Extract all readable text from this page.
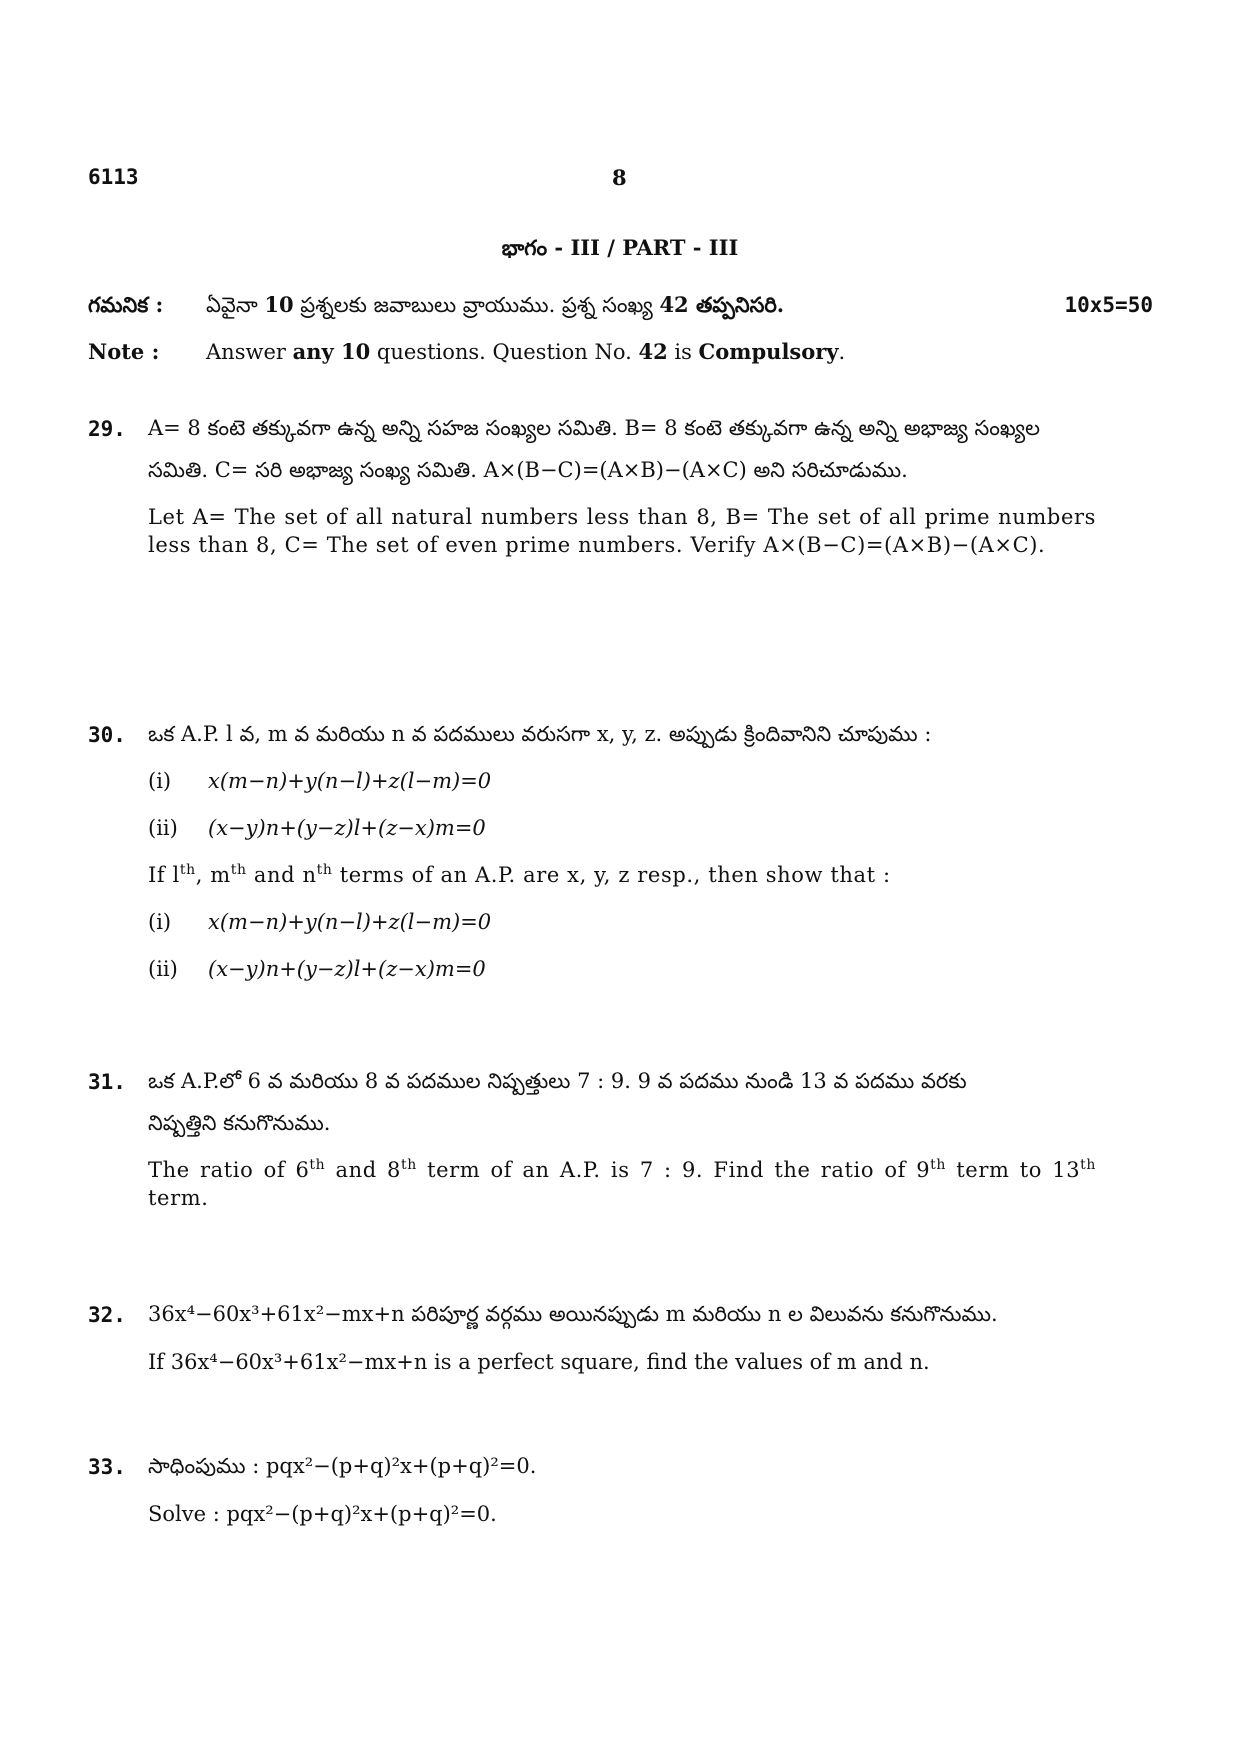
6113	8
భాగం - III / PART - III
గమనిక :	ఏవైనా 10 ప్రశ్నలకు జవాబులు వ్రాయుము. ప్రశ్న సంఖ్య 42 తప్పనిసరి.	10x5=50
Note :	Answer any 10 questions. Question No. 42 is Compulsory.
29. A= 8 కంటె తక్కువగా ఉన్న అన్ని సహజ సంఖ్యల సమితి. B= 8 కంటె తక్కువగా ఉన్న అన్ని అభాజ్య సంఖ్యల

సమితి. C= సరి అభాజ్య సంఖ్య సమితి. A×(B−C)=(A×B)−(A×C) అని సరిచూడుము.

Let A= The set of all natural numbers less than 8, B= The set of all prime numbers less than 8, C= The set of even prime numbers. Verify A×(B−C)=(A×B)−(A×C).

30. ఒక A.P. l వ, m వ మరియు n వ పదములు వరుసగా x, y, z. అప్పుడు క్రిందివానిని చూపుము :

(i)	x(m−n)+y(n−l)+z(l−m)=0
(ii)	(x−y)n+(y−z)l+(z−x)m=0

If $l^{th}$, $m^{th}$ and $n^{th}$ terms of an A.P. are x, y, z resp., then show that :

(i)	x(m−n)+y(n−l)+z(l−m)=0
(ii)	(x−y)n+(y−z)l+(z−x)m=0
31. ఒక A.P.లో 6 వ మరియు 8 వ పదముల నిష్పత్తులు 7 : 9. 9 వ పదము నుండి 13 వ పదము వరకు

నిష్పత్తిని కనుగొనుము.

The ratio of 6th and 8th term of an A.P. is 7 : 9. Find the ratio of 9th term to 13th term.

32. 36x⁴−60x³+61x²−mx+n పరిపూర్ణ వర్గము అయినప్పుడు m మరియు n ల విలువను కనుగొనుము.

If 36x⁴−60x³+61x²−mx+n is a perfect square, find the values of m and n.

33. సాధింపుము : pqx²−(p+q)²x+(p+q)²=0.

Solve : pqx²−(p+q)²x+(p+q)²=0.
